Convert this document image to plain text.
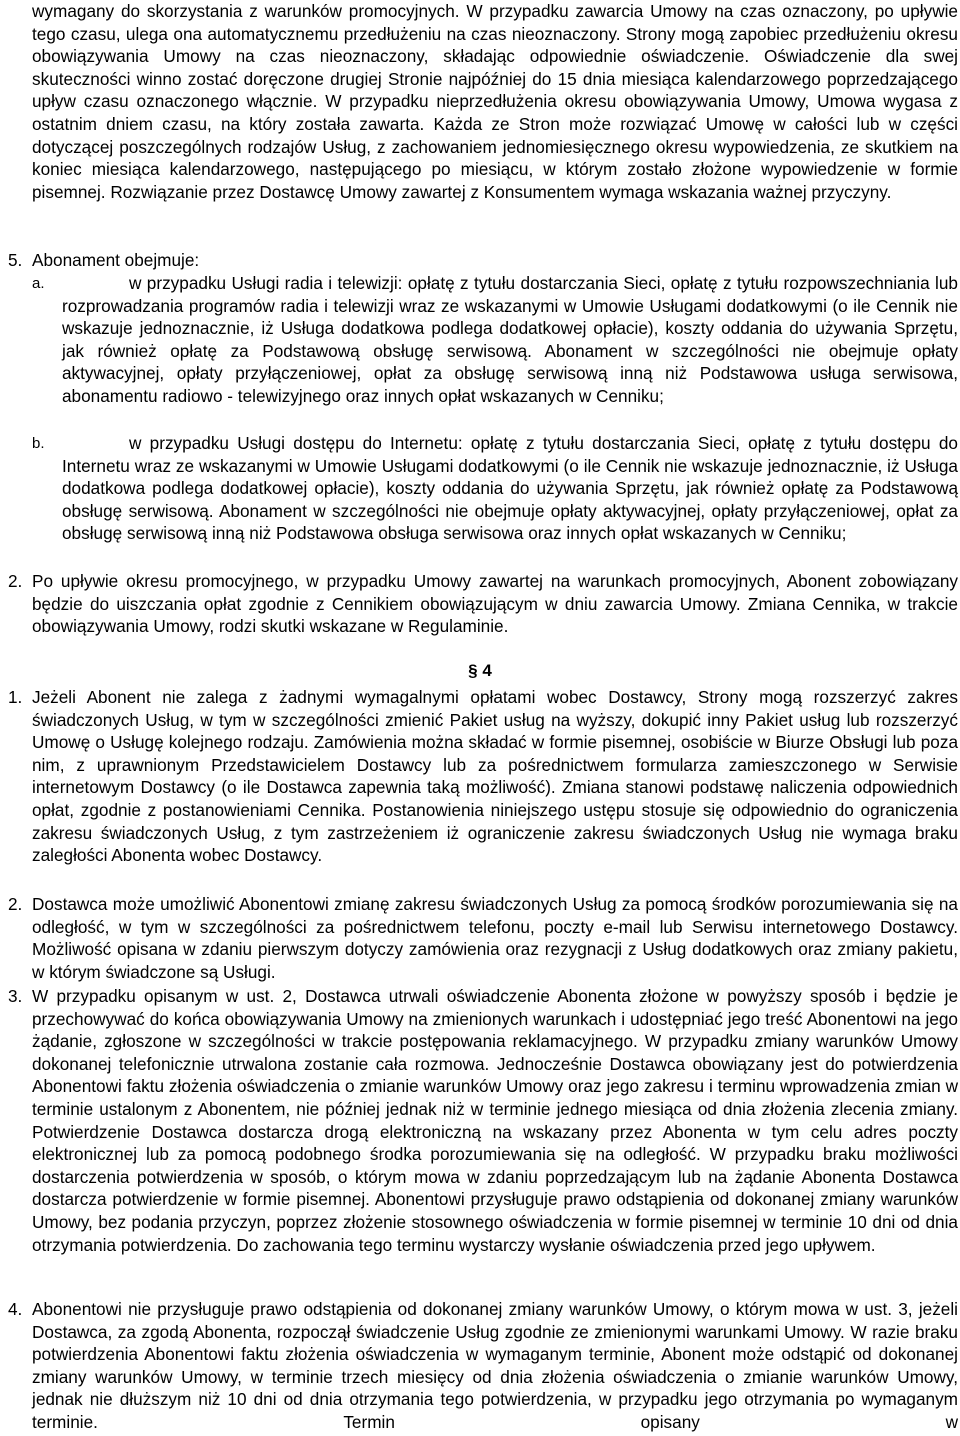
wymagany do skorzystania z warunków promocyjnych. W przypadku zawarcia Umowy na czas oznaczony, po upływie tego czasu, ulega ona automatycznemu przedłużeniu na czas nieoznaczony. Strony mogą zapobiec przedłużeniu okresu obowiązywania Umowy na czas nieoznaczony, składając odpowiednie oświadczenie. Oświadczenie dla swej skuteczności winno zostać doręczone drugiej Stronie najpóźniej do 15 dnia miesiąca kalendarzowego poprzedzającego upływ czasu oznaczonego włącznie. W przypadku nieprzedłużenia okresu obowiązywania Umowy, Umowa wygasa z ostatnim dniem czasu, na który została zawarta. Każda ze Stron może rozwiązać Umowę w całości lub w części dotyczącej poszczególnych rodzajów Usług, z zachowaniem jednomiesięcznego okresu wypowiedzenia, ze skutkiem na koniec miesiąca kalendarzowego, następującego po miesiącu, w którym zostało złożone wypowiedzenie w formie pisemnej. Rozwiązanie przez Dostawcę Umowy zawartej z Konsumentem wymaga wskazania ważnej przyczyny.
5. Abonament obejmuje:
a.	w przypadku Usługi radia i telewizji: opłatę z tytułu dostarczania Sieci, opłatę z tytułu rozpowszechniania lub rozprowadzania programów radia i telewizji wraz ze wskazanymi w Umowie Usługami dodatkowymi (o ile Cennik nie wskazuje jednoznacznie, iż Usługa dodatkowa podlega dodatkowej opłacie), koszty oddania do używania Sprzętu, jak również opłatę za Podstawową obsługę serwisową. Abonament w szczególności nie obejmuje opłaty aktywacyjnej, opłaty przyłączeniowej, opłat za obsługę serwisową inną niż Podstawowa usługa serwisowa, abonamentu radiowo - telewizyjnego oraz innych opłat wskazanych w Cenniku;
b.	w przypadku Usługi dostępu do Internetu: opłatę z tytułu dostarczania Sieci, opłatę z tytułu dostępu do Internetu wraz ze wskazanymi w Umowie Usługami dodatkowymi (o ile Cennik nie wskazuje jednoznacznie, iż Usługa dodatkowa podlega dodatkowej opłacie), koszty oddania do używania Sprzętu, jak również opłatę za Podstawową obsługę serwisową. Abonament w szczególności nie obejmuje opłaty aktywacyjnej, opłaty przyłączeniowej, opłat za obsługę serwisową inną niż Podstawowa obsługa serwisowa oraz innych opłat wskazanych w Cenniku;
2. Po upływie okresu promocyjnego, w przypadku Umowy zawartej na warunkach promocyjnych, Abonent zobowiązany będzie do uiszczania opłat zgodnie z Cennikiem obowiązującym w dniu zawarcia Umowy. Zmiana Cennika, w trakcie obowiązywania Umowy, rodzi skutki wskazane w Regulaminie.
§ 4
1. Jeżeli Abonent nie zalega z żadnymi wymagalnymi opłatami wobec Dostawcy, Strony mogą rozszerzyć zakres świadczonych Usług, w tym w szczególności zmienić Pakiet usług na wyższy, dokupić inny Pakiet usług lub rozszerzyć Umowę o Usługę kolejnego rodzaju. Zamówienia można składać w formie pisemnej, osobiście w Biurze Obsługi lub poza nim, z uprawnionym Przedstawicielem Dostawcy lub za pośrednictwem formularza zamieszczonego w Serwisie internetowym Dostawcy (o ile Dostawca zapewnia taką możliwość). Zmiana stanowi podstawę naliczenia odpowiednich opłat, zgodnie z postanowieniami Cennika. Postanowienia niniejszego ustępu stosuje się odpowiednio do ograniczenia zakresu świadczonych Usług, z tym zastrzeżeniem iż ograniczenie zakresu świadczonych Usług nie wymaga braku zaległości Abonenta wobec Dostawcy.
2. Dostawca może umożliwić Abonentowi zmianę zakresu świadczonych Usług za pomocą środków porozumiewania się na odległość, w tym w szczególności za pośrednictwem telefonu, poczty e-mail lub Serwisu internetowego Dostawcy. Możliwość opisana w zdaniu pierwszym dotyczy zamówienia oraz rezygnacji z Usług dodatkowych oraz zmiany pakietu, w którym świadczone są Usługi.
3. W przypadku opisanym w ust. 2, Dostawca utrwali oświadczenie Abonenta złożone w powyższy sposób i będzie je przechowywać do końca obowiązywania Umowy na zmienionych warunkach i udostępniać jego treść Abonentowi na jego żądanie, zgłoszone w szczególności w trakcie postępowania reklamacyjnego. W przypadku zmiany warunków Umowy dokonanej telefonicznie utrwalona zostanie cała rozmowa. Jednocześnie Dostawca obowiązany jest do potwierdzenia Abonentowi faktu złożenia oświadczenia o zmianie warunków Umowy oraz jego zakresu i terminu wprowadzenia zmian w terminie ustalonym z Abonentem, nie później jednak niż w terminie jednego miesiąca od dnia złożenia zlecenia zmiany. Potwierdzenie Dostawca dostarcza drogą elektroniczną na wskazany przez Abonenta w tym celu adres poczty elektronicznej lub za pomocą podobnego środka porozumiewania się na odległość. W przypadku braku możliwości dostarczenia potwierdzenia w sposób, o którym mowa w zdaniu poprzedzającym lub na żądanie Abonenta Dostawca dostarcza potwierdzenie w formie pisemnej. Abonentowi przysługuje prawo odstąpienia od dokonanej zmiany warunków Umowy, bez podania przyczyn, poprzez złożenie stosownego oświadczenia w formie pisemnej w terminie 10 dni od dnia otrzymania potwierdzenia. Do zachowania tego terminu wystarczy wysłanie oświadczenia przed jego upływem.
4. Abonentowi nie przysługuje prawo odstąpienia od dokonanej zmiany warunków Umowy, o którym mowa w ust. 3, jeżeli Dostawca, za zgodą Abonenta, rozpoczął świadczenie Usług zgodnie ze zmienionymi warunkami Umowy. W razie braku potwierdzenia Abonentowi faktu złożenia oświadczenia w wymaganym terminie, Abonent może odstąpić od dokonanej zmiany warunków Umowy, w terminie trzech miesięcy od dnia złożenia oświadczenia o zmianie warunków Umowy, jednak nie dłuższym niż 10 dni od dnia otrzymania tego potwierdzenia, w przypadku jego otrzymania po wymaganym terminie. Termin opisany w
